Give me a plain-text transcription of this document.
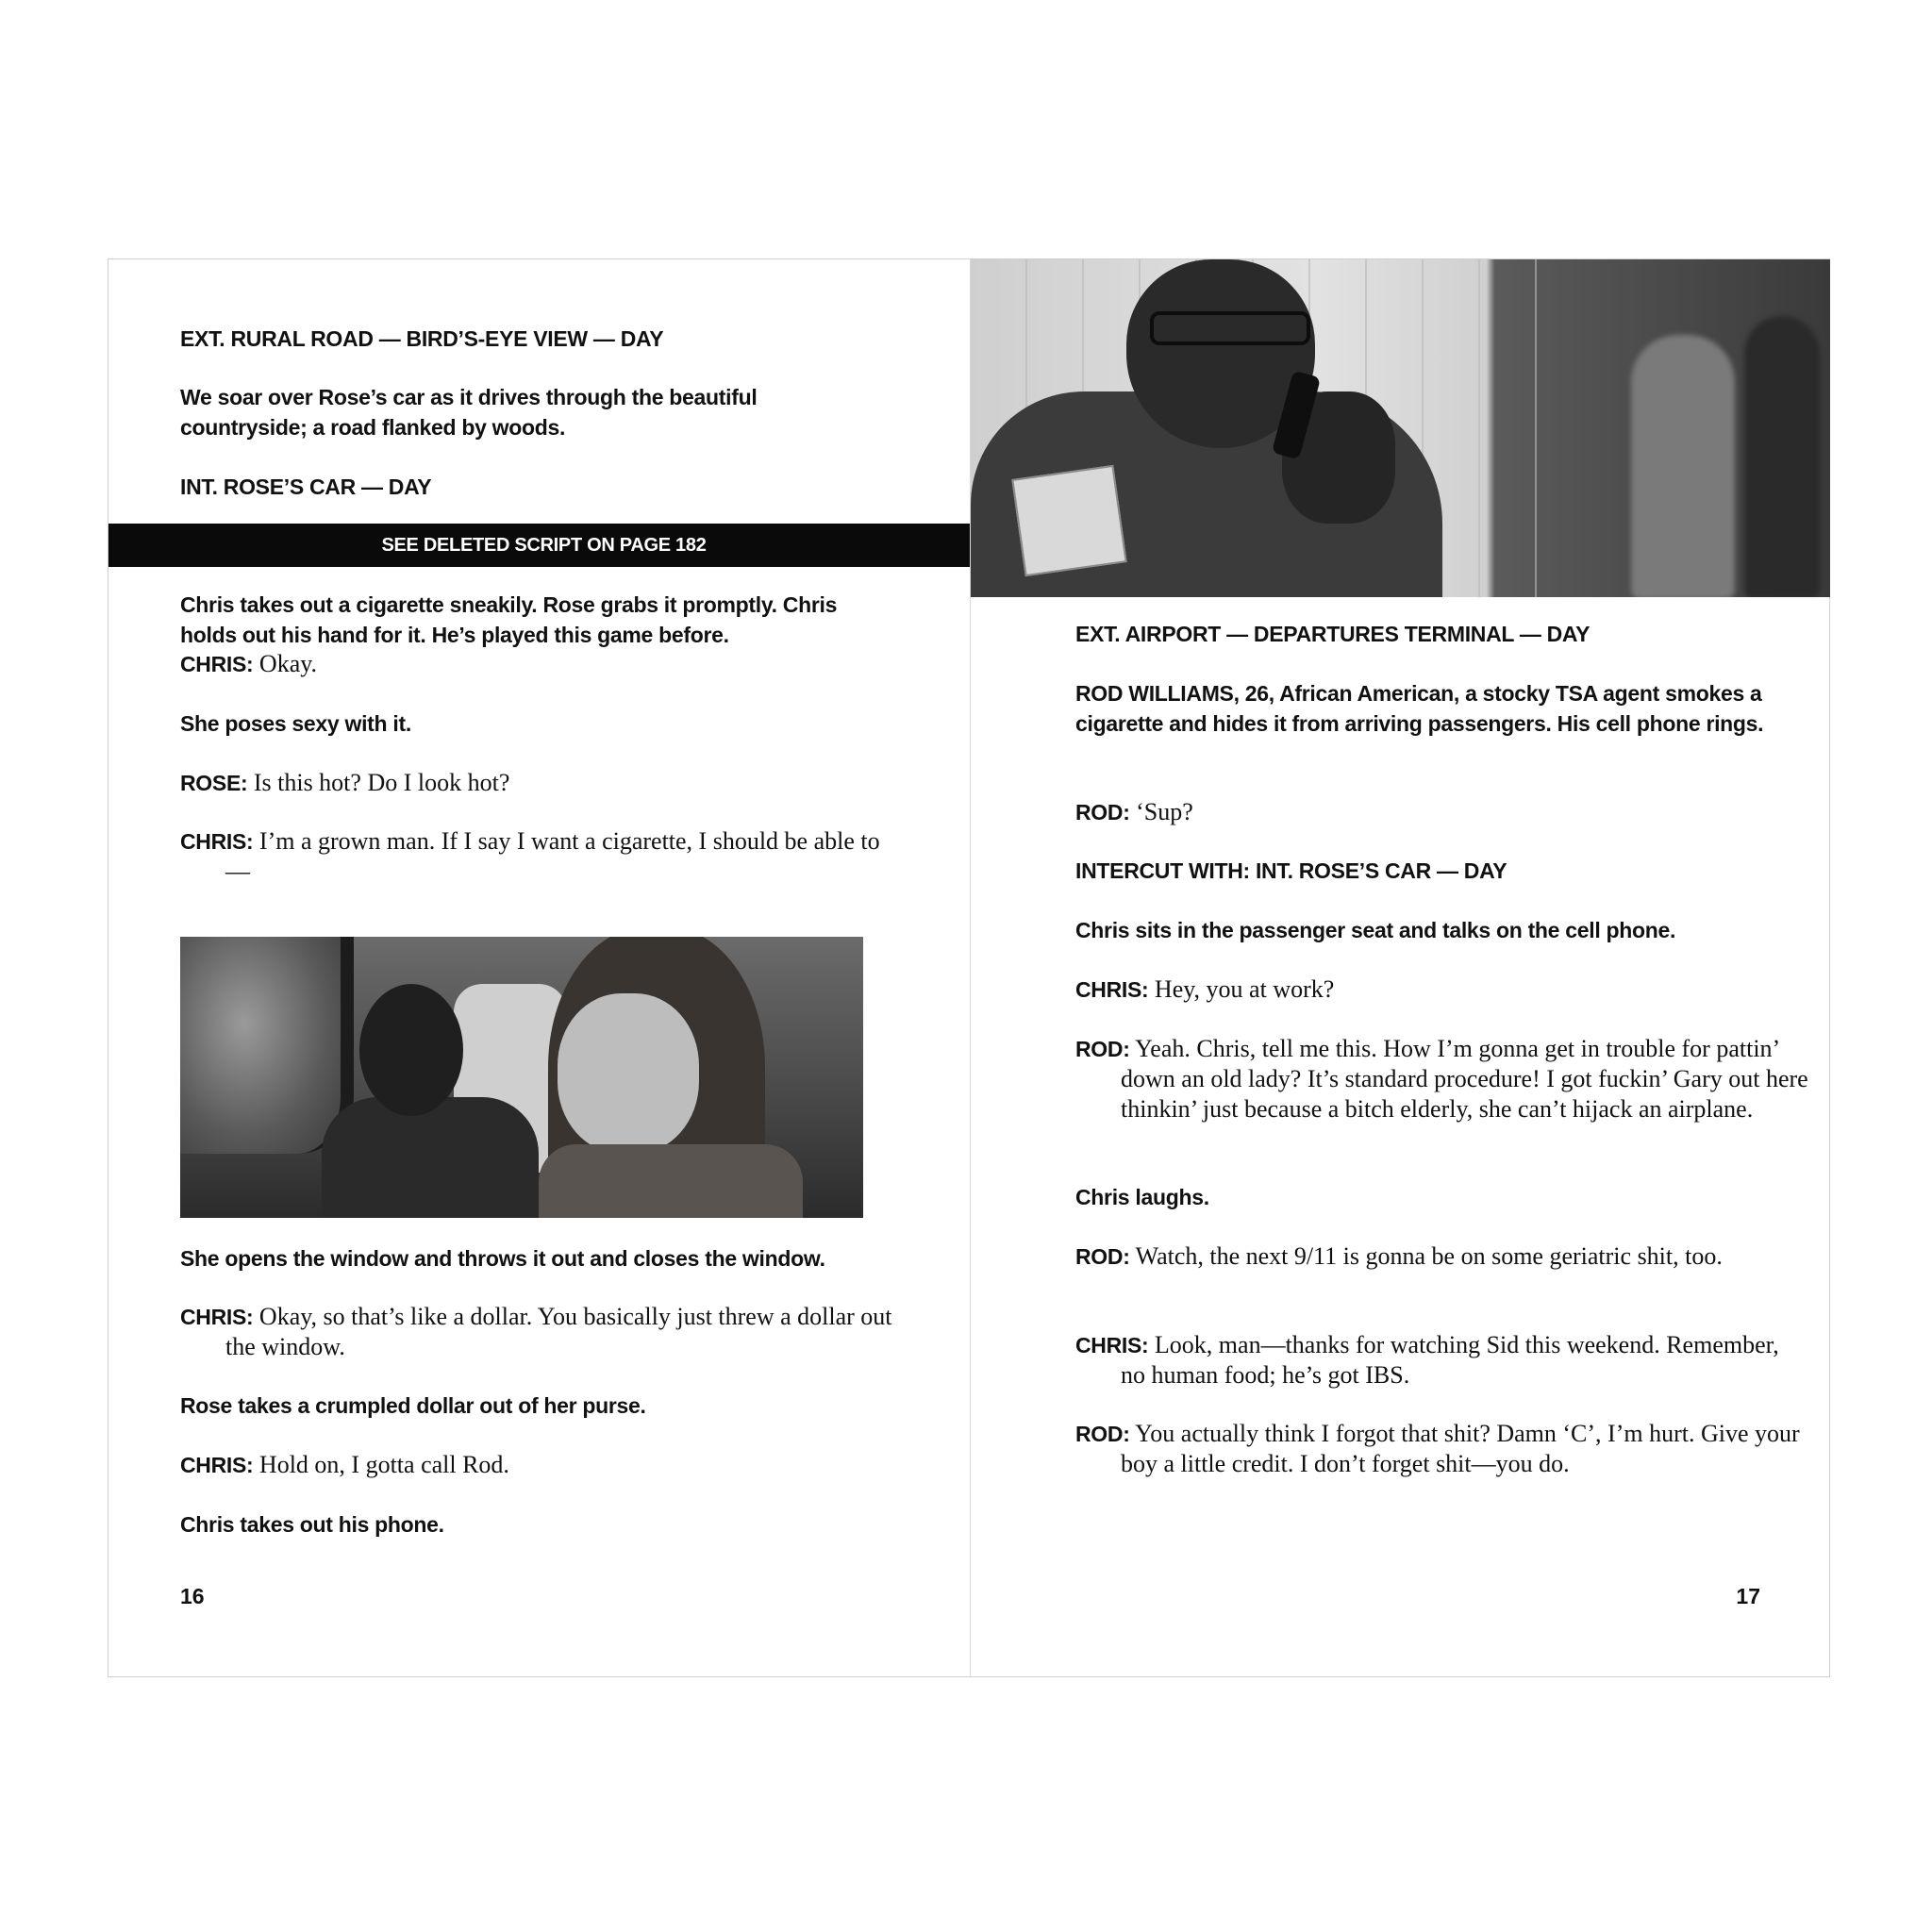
EXT. RURAL ROAD — BIRD’S-EYE VIEW — DAY

We soar over Rose’s car as it drives through the beautiful countryside; a road flanked by woods.

INT. ROSE’S CAR — DAY

SEE DELETED SCRIPT ON PAGE 182

Chris takes out a cigarette sneakily. Rose grabs it promptly. Chris holds out his hand for it. He’s played this game before.

CHRIS: Okay.

She poses sexy with it.

ROSE: Is this hot? Do I look hot?

CHRIS: I’m a grown man. If I say I want a cigarette, I should be able to—

She opens the window and throws it out and closes the window.

CHRIS: Okay, so that’s like a dollar. You basically just threw a dollar out the window.

Rose takes a crumpled dollar out of her purse.

CHRIS: Hold on, I gotta call Rod.

Chris takes out his phone.

16

EXT. AIRPORT — DEPARTURES TERMINAL — DAY

ROD WILLIAMS, 26, African American, a stocky TSA agent smokes a cigarette and hides it from arriving passengers. His cell phone rings.

ROD: ‘Sup?

INTERCUT WITH: INT. ROSE’S CAR — DAY

Chris sits in the passenger seat and talks on the cell phone.

CHRIS: Hey, you at work?

ROD: Yeah. Chris, tell me this. How I’m gonna get in trouble for pattin’ down an old lady? It’s standard procedure! I got fuckin’ Gary out here thinkin’ just because a bitch elderly, she can’t hijack an airplane.

Chris laughs.

ROD: Watch, the next 9/11 is gonna be on some geriatric shit, too.

CHRIS: Look, man—thanks for watching Sid this weekend. Remember, no human food; he’s got IBS.

ROD: You actually think I forgot that shit? Damn ‘C’, I’m hurt. Give your boy a little credit. I don’t forget shit—you do.

17
